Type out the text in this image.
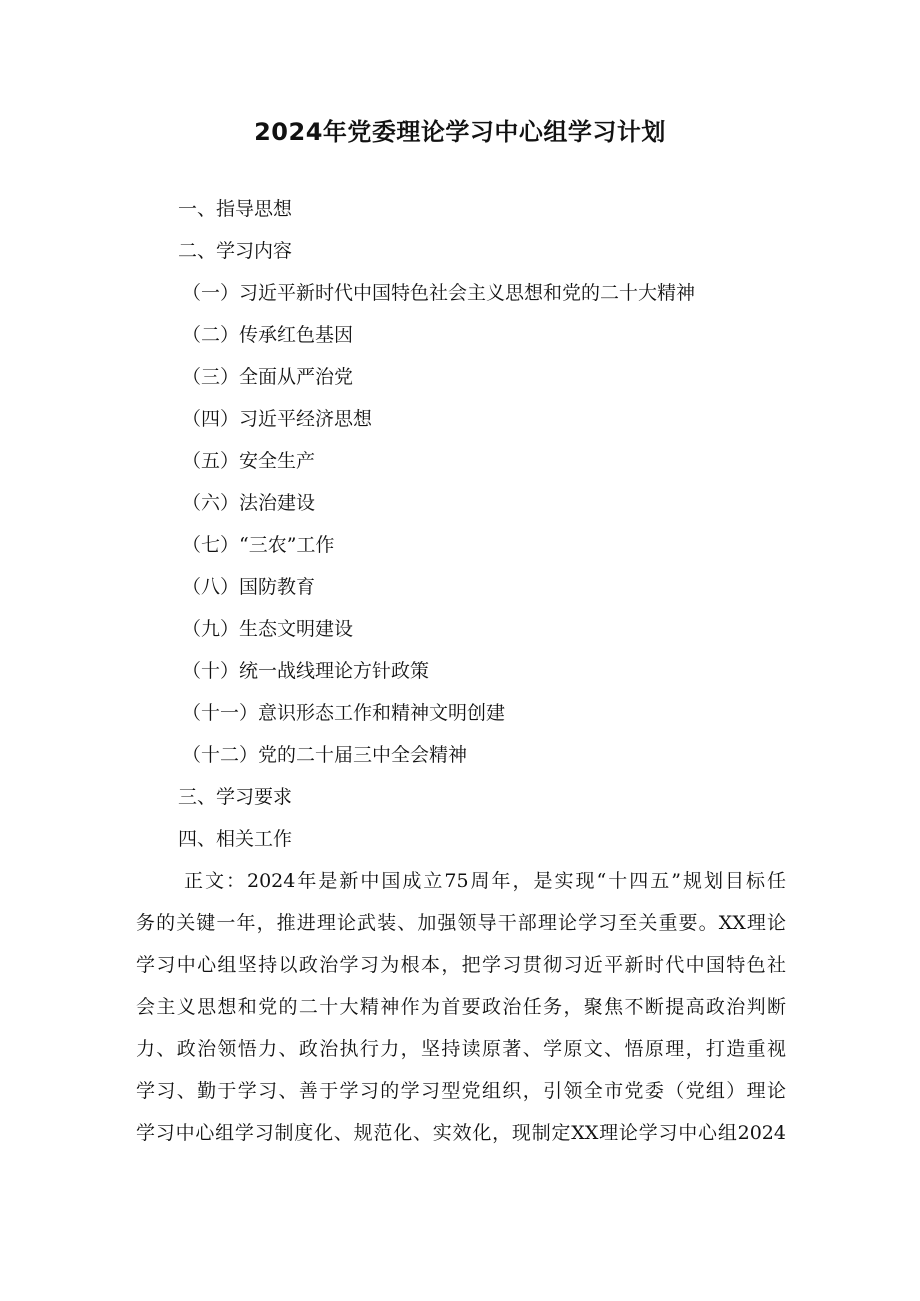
2024年党委理论学习中心组学习计划
一、指导思想
二、学习内容
（一）习近平新时代中国特色社会主义思想和党的二十大精神
（二）传承红色基因
（三）全面从严治党
（四）习近平经济思想
（五）安全生产
（六）法治建设
（七）“三农”工作
（八）国防教育
（九）生态文明建设
（十）统一战线理论方针政策
（十一）意识形态工作和精神文明创建
（十二）党的二十届三中全会精神
三、学习要求
四、相关工作
正文：2024年是新中国成立75周年，是实现“十四五”规划目标任
务的关键一年，推进理论武装、加强领导干部理论学习至关重要。XX理论
学习中心组坚持以政治学习为根本，把学习贯彻习近平新时代中国特色社
会主义思想和党的二十大精神作为首要政治任务，聚焦不断提高政治判断
力、政治领悟力、政治执行力，坚持读原著、学原文、悟原理，打造重视
学习、勤于学习、善于学习的学习型党组织，引领全市党委（党组）理论
学习中心组学习制度化、规范化、实效化，现制定XX理论学习中心组2024
